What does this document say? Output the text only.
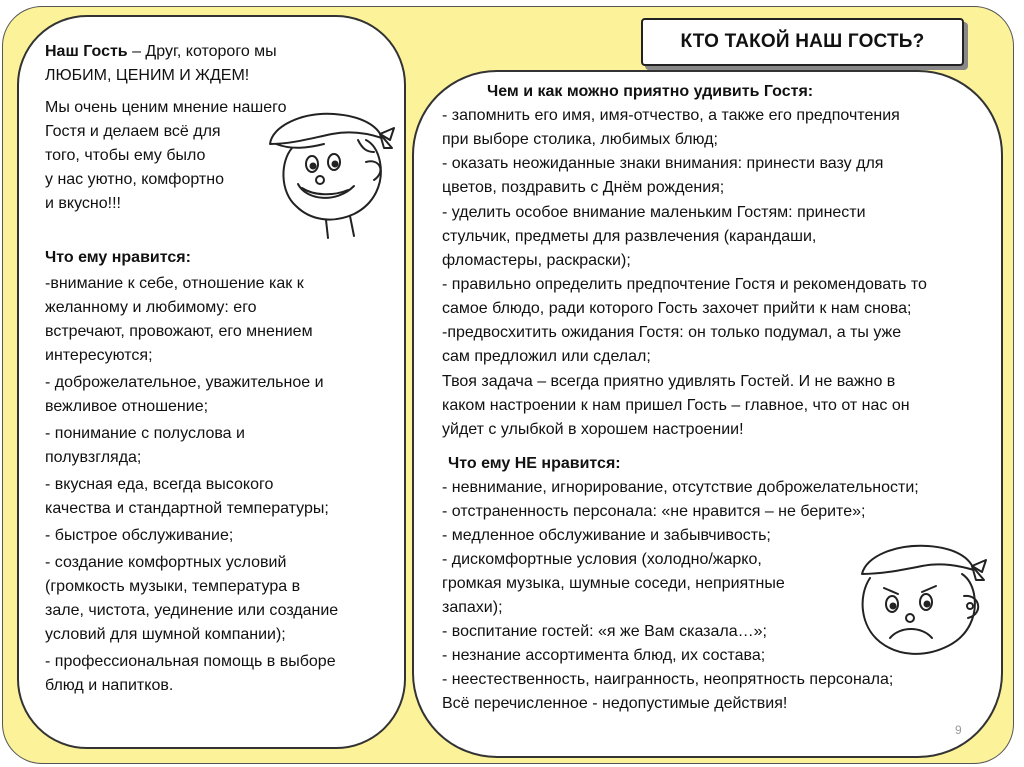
КТО ТАКОЙ НАШ ГОСТЬ?
Наш Гость – Друг, которого мы
ЛЮБИМ, ЦЕНИМ И ЖДЕМ!
Мы очень ценим мнение нашего
Гостя и делаем всё для
того, чтобы ему было
у нас уютно, комфортно
и вкусно!!!
Что ему нравится:
-внимание к себе, отношение как к
желанному и любимому: его
встречают, провожают, его мнением
интересуются;
- доброжелательное, уважительное и
вежливое отношение;
- понимание с полуслова и
полувзгляда;
- вкусная еда, всегда высокого
качества и стандартной температуры;
- быстрое обслуживание;
- создание комфортных условий
(громкость музыки, температура в
зале, чистота, уединение или создание
условий для шумной компании);
- профессиональная помощь в выборе
блюд и напитков.
Чем и как можно приятно удивить Гостя:
- запомнить его имя, имя-отчество, а также его предпочтения
при выборе столика, любимых блюд;
- оказать неожиданные знаки внимания: принести вазу для
цветов, поздравить с Днём рождения;
- уделить особое внимание маленьким Гостям: принести
стульчик, предметы для развлечения (карандаши,
фломастеры, раскраски);
- правильно определить предпочтение Гостя и рекомендовать то
самое блюдо, ради которого Гость захочет прийти к нам снова;
-предвосхитить ожидания Гостя: он только подумал, а ты уже
сам предложил или сделал;
Твоя задача – всегда приятно удивлять Гостей. И не важно в
каком настроении к нам пришел Гость – главное, что от нас он
уйдет с улыбкой в хорошем настроении!
Что ему НЕ нравится:
- невнимание, игнорирование, отсутствие доброжелательности;
- отстраненность персонала: «не нравится – не берите»;
- медленное обслуживание и забывчивость;
- дискомфортные условия (холодно/жарко,
громкая музыка, шумные соседи, неприятные
запахи);
- воспитание гостей: «я же Вам сказала…»;
- незнание ассортимента блюд, их состава;
- неестественность, наигранность, неопрятность персонала;
Всё перечисленное - недопустимые действия!
9
